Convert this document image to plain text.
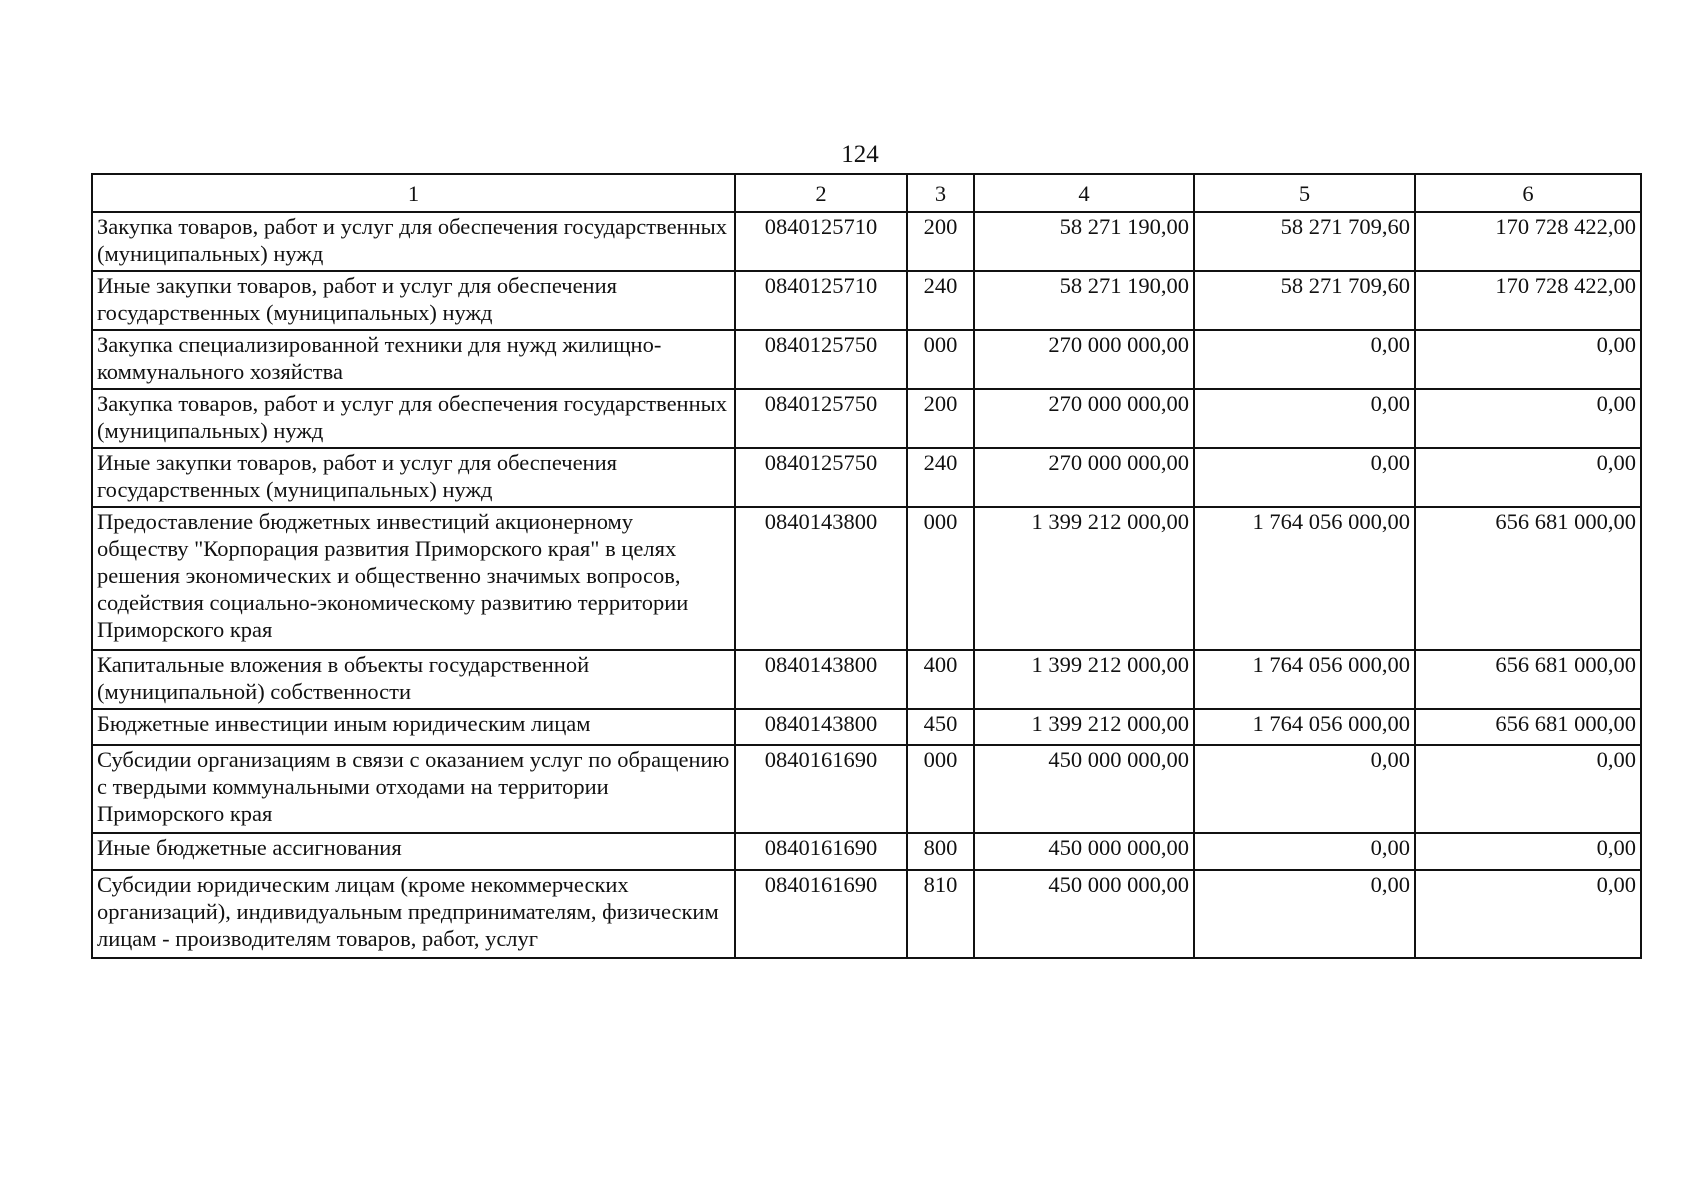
124
1	2	3	4	5	6
Закупка товаров, работ и услуг для обеспечения государственных (муниципальных) нужд	0840125710	200	58 271 190,00	58 271 709,60	170 728 422,00
Иные закупки товаров, работ и услуг для обеспечения государственных (муниципальных) нужд	0840125710	240	58 271 190,00	58 271 709,60	170 728 422,00
Закупка специализированной техники для нужд жилищно-коммунального хозяйства	0840125750	000	270 000 000,00	0,00	0,00
Закупка товаров, работ и услуг для обеспечения государственных (муниципальных) нужд	0840125750	200	270 000 000,00	0,00	0,00
Иные закупки товаров, работ и услуг для обеспечения государственных (муниципальных) нужд	0840125750	240	270 000 000,00	0,00	0,00
Предоставление бюджетных инвестиций акционерному обществу "Корпорация развития Приморского края" в целях решения экономических и общественно значимых вопросов, содействия социально-экономическому развитию территории Приморского края	0840143800	000	1 399 212 000,00	1 764 056 000,00	656 681 000,00
Капитальные вложения в объекты государственной (муниципальной) собственности	0840143800	400	1 399 212 000,00	1 764 056 000,00	656 681 000,00
Бюджетные инвестиции иным юридическим лицам	0840143800	450	1 399 212 000,00	1 764 056 000,00	656 681 000,00
Субсидии организациям в связи с оказанием услуг по обращению с твердыми коммунальными отходами на территории Приморского края	0840161690	000	450 000 000,00	0,00	0,00
Иные бюджетные ассигнования	0840161690	800	450 000 000,00	0,00	0,00
Субсидии юридическим лицам (кроме некоммерческих организаций), индивидуальным предпринимателям, физическим лицам - производителям товаров, работ, услуг	0840161690	810	450 000 000,00	0,00	0,00
